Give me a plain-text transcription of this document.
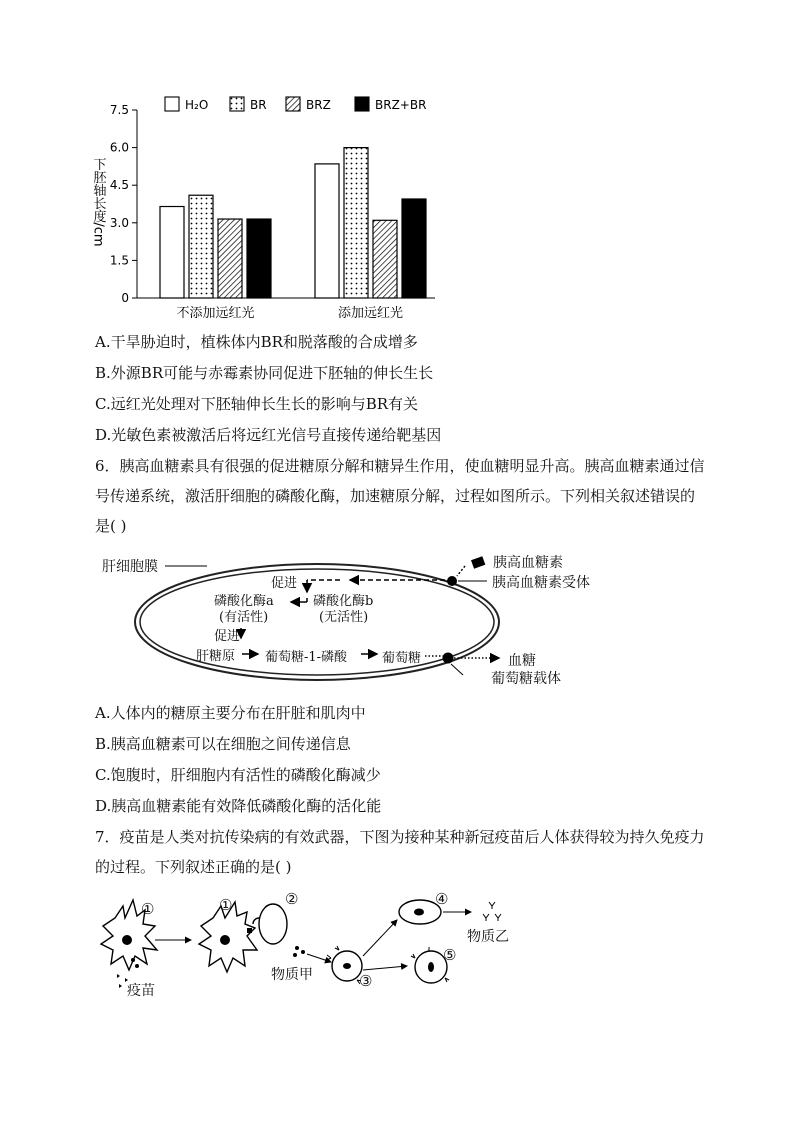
0
1.5
3.0
4.5
6.0
7.5
下胚轴长度/cm
不添加远红光	添加远红光
H₂O	BR	BRZ	BRZ+BR
A.干旱胁迫时，植株体内BR和脱落酸的合成增多
B.外源BR可能与赤霉素协同促进下胚轴的伸长生长
C.远红光处理对下胚轴伸长生长的影响与BR有关
D.光敏色素被激活后将远红光信号直接传递给靶基因
6．胰高血糖素具有很强的促进糖原分解和糖异生作用，使血糖明显升高。胰高血糖素通过信号传递系统，激活肝细胞的磷酸化酶，加速糖原分解，过程如图所示。下列相关叙述错误的是( )
肝细胞膜	胰高血糖素
胰高血糖素受体
促进
磷酸化酶a
(有活性)
磷酸化酶b
(无活性)
促进
肝糖原 葡萄糖-1-磷酸	葡萄糖	血糖
葡萄糖载体
A.人体内的糖原主要分布在肝脏和肌肉中
B.胰高血糖素可以在细胞之间传递信息
C.饱腹时，肝细胞内有活性的磷酸化酶减少
D.胰高血糖素能有效降低磷酸化酶的活化能
7．疫苗是人类对抗传染病的有效武器，下图为接种某种新冠疫苗后人体获得较为持久免疫力的过程。下列叙述正确的是( )
①	①	②
③
④
⑤
疫苗
物质甲
物质乙
